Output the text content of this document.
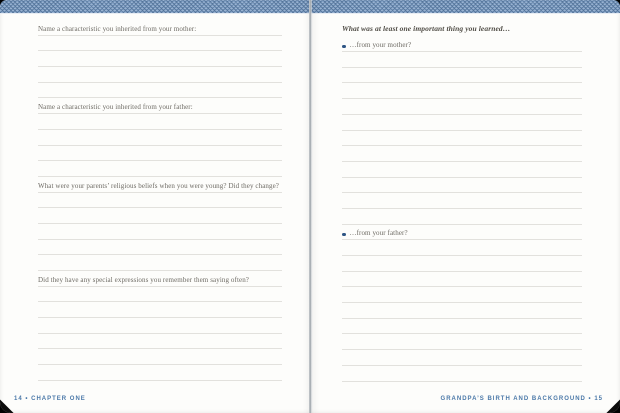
Name a characteristic you inherited from your mother:
Name a characteristic you inherited from your father:
What were your parents’ religious beliefs when you were young? Did they change?
Did they have any special expressions you remember them saying often?
What was at least one important thing you learned…
…from your mother?
…from your father?
14 • CHAPTER ONE	GRANDPA’S BIRTH AND BACKGROUND • 15
